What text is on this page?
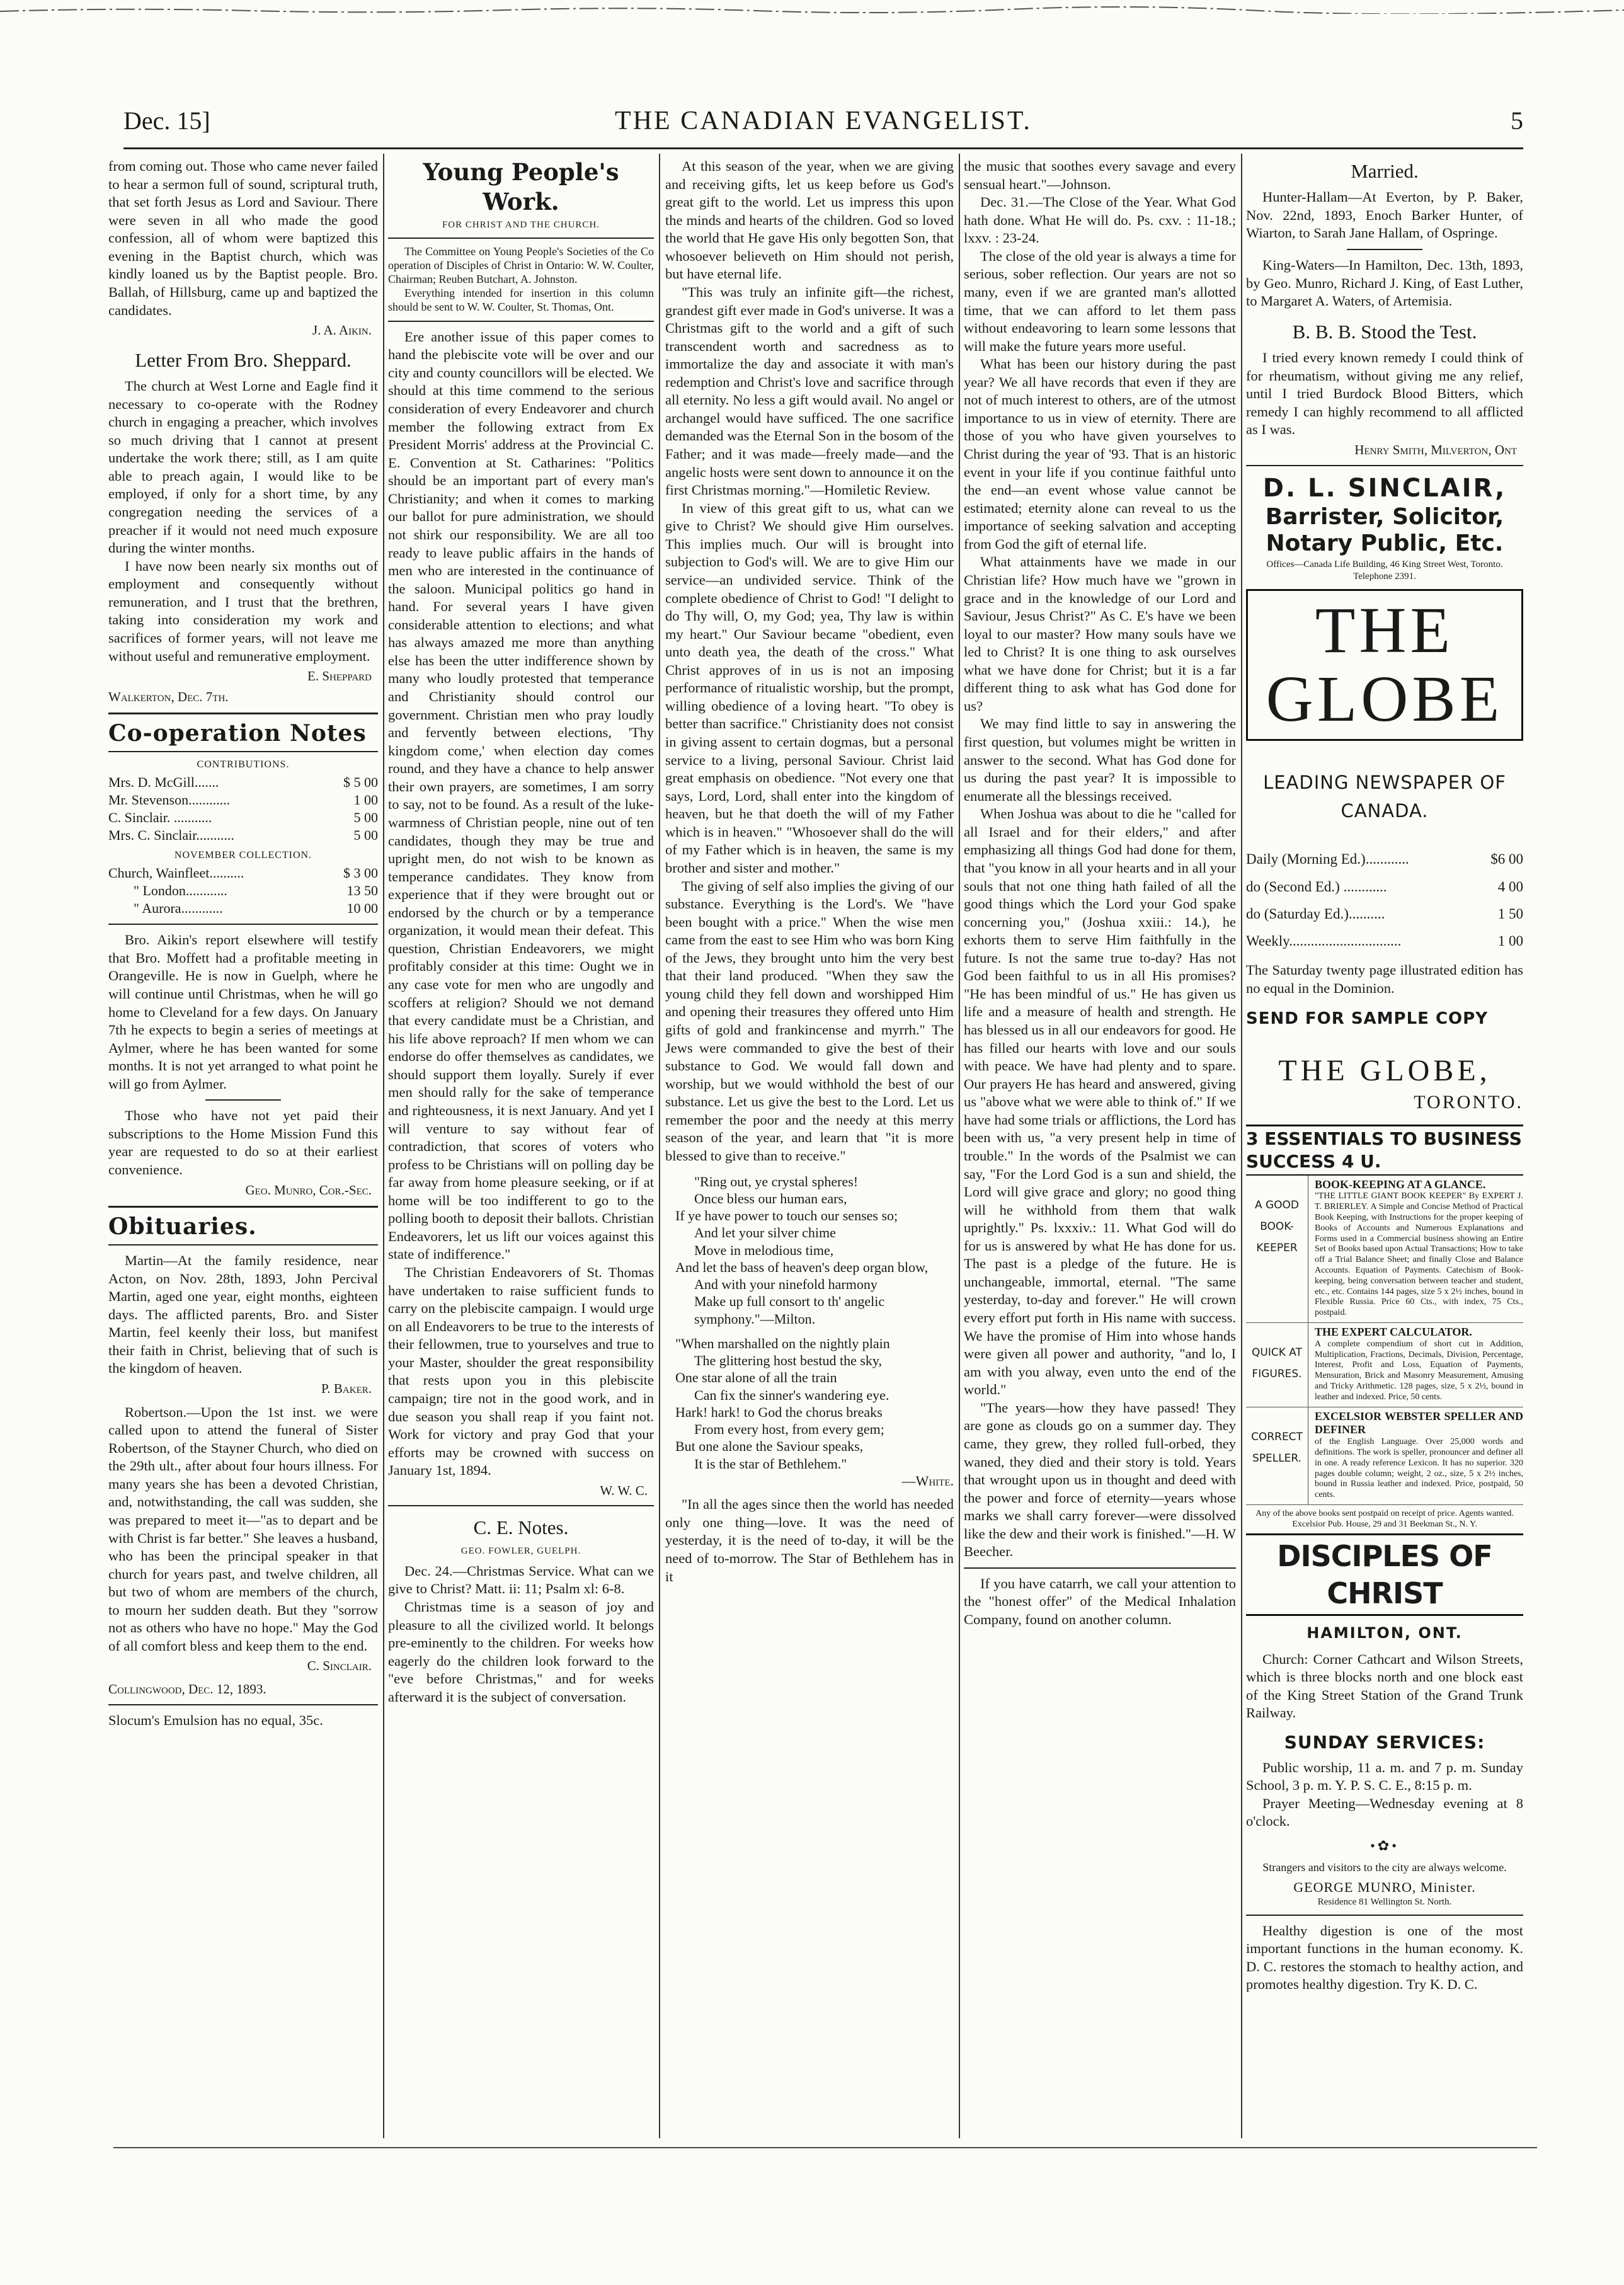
Dec. 15]	THE CANADIAN EVANGELIST.	5

from coming out. Those who came never failed to hear a sermon full of sound, scriptural truth, that set forth Jesus as Lord and Saviour. There were seven in all who made the good confession, all of whom were baptized this evening in the Baptist church, which was kindly loaned us by the Baptist people. Bro. Ballah, of Hillsburg, came up and baptized the candidates.

J. A. Aikin.
Letter From Bro. Sheppard.

The church at West Lorne and Eagle find it necessary to co-operate with the Rodney church in engaging a preacher, which involves so much driving that I cannot at present undertake the work there; still, as I am quite able to preach again, I would like to be employed, if only for a short time, by any congregation needing the services of a preacher if it would not need much exposure during the winter months.

I have now been nearly six months out of employment and consequently without remuneration, and I trust that the brethren, taking into consideration my work and sacrifices of former years, will not leave me without useful and remunerative employment.

E. Sheppard
Walkerton, Dec. 7th.
Co-operation Notes
CONTRIBUTIONS.
Mrs. D. McGill.......	$ 5 00
Mr. Stevenson............	1 00
C. Sinclair. ...........	5 00
Mrs. C. Sinclair...........	5 00
NOVEMBER COLLECTION.
Church, Wainfleet..........	$ 3 00
" London............	13 50
" Aurora............	10 00

Bro. Aikin's report elsewhere will testify that Bro. Moffett had a profitable meeting in Orangeville. He is now in Guelph, where he will continue until Christmas, when he will go home to Cleveland for a few days. On January 7th he expects to begin a series of meetings at Aylmer, where he has been wanted for some months. It is not yet arranged to what point he will go from Aylmer.

Those who have not yet paid their subscriptions to the Home Mission Fund this year are requested to do so at their earliest convenience.

Geo. Munro, Cor.-Sec.
Obituaries.

Martin—At the family residence, near Acton, on Nov. 28th, 1893, John Percival Martin, aged one year, eight months, eighteen days. The afflicted parents, Bro. and Sister Martin, feel keenly their loss, but manifest their faith in Christ, believing that of such is the kingdom of heaven.

P. Baker.

Robertson.—Upon the 1st inst. we were called upon to attend the funeral of Sister Robertson, of the Stayner Church, who died on the 29th ult., after about four hours illness. For many years she has been a devoted Christian, and, notwithstanding, the call was sudden, she was prepared to meet it—"as to depart and be with Christ is far better." She leaves a husband, who has been the principal speaker in that church for years past, and twelve children, all but two of whom are members of the church, to mourn her sudden death. But they "sorrow not as others who have no hope." May the God of all comfort bless and keep them to the end.

C. Sinclair.
Collingwood, Dec. 12, 1893.

Slocum's Emulsion has no equal, 35c.

Young People's Work.
FOR CHRIST AND THE CHURCH.

The Committee on Young People's Societies of the Co operation of Disciples of Christ in Ontario: W. W. Coulter, Chairman; Reuben Butchart, A. Johnston.

Everything intended for insertion in this column should be sent to W. W. Coulter, St. Thomas, Ont.

Ere another issue of this paper comes to hand the plebiscite vote will be over and our city and county councillors will be elected. We should at this time commend to the serious consideration of every Endeavorer and church member the following extract from Ex President Morris' address at the Provincial C. E. Convention at St. Catharines: "Politics should be an important part of every man's Christianity; and when it comes to marking our ballot for pure administration, we should not shirk our responsibility. We are all too ready to leave public affairs in the hands of men who are interested in the continuance of the saloon. Municipal politics go hand in hand. For several years I have given considerable attention to elections; and what has always amazed me more than anything else has been the utter indifference shown by many who loudly protested that temperance and Christianity should control our government. Christian men who pray loudly and fervently between elections, 'Thy kingdom come,' when election day comes round, and they have a chance to help answer their own prayers, are sometimes, I am sorry to say, not to be found. As a result of the luke-warmness of Christian people, nine out of ten candidates, though they may be true and upright men, do not wish to be known as temperance candidates. They know from experience that if they were brought out or endorsed by the church or by a temperance organization, it would mean their defeat. This question, Christian Endeavorers, we might profitably consider at this time: Ought we in any case vote for men who are ungodly and scoffers at religion? Should we not demand that every candidate must be a Christian, and his life above reproach? If men whom we can endorse do offer themselves as candidates, we should support them loyally. Surely if ever men should rally for the sake of temperance and righteousness, it is next January. And yet I will venture to say without fear of contradiction, that scores of voters who profess to be Christians will on polling day be far away from home pleasure seeking, or if at home will be too indifferent to go to the polling booth to deposit their ballots. Christian Endeavorers, let us lift our voices against this state of indifference."

The Christian Endeavorers of St. Thomas have undertaken to raise sufficient funds to carry on the plebiscite campaign. I would urge on all Endeavorers to be true to the interests of their fellowmen, true to yourselves and true to your Master, shoulder the great responsibility that rests upon you in this plebiscite campaign; tire not in the good work, and in due season you shall reap if you faint not. Work for victory and pray God that your efforts may be crowned with success on January 1st, 1894.

W. W. C.
C. E. Notes.
GEO. FOWLER, GUELPH.

Dec. 24.—Christmas Service. What can we give to Christ? Matt. ii: 11; Psalm xl: 6-8.

Christmas time is a season of joy and pleasure to all the civilized world. It belongs pre-eminently to the children. For weeks how eagerly do the children look forward to the "eve before Christmas," and for weeks afterward it is the subject of conversation.

At this season of the year, when we are giving and receiving gifts, let us keep before us God's great gift to the world. Let us impress this upon the minds and hearts of the children. God so loved the world that He gave His only begotten Son, that whosoever believeth on Him should not perish, but have eternal life.

"This was truly an infinite gift—the richest, grandest gift ever made in God's universe. It was a Christmas gift to the world and a gift of such transcendent worth and sacredness as to immortalize the day and associate it with man's redemption and Christ's love and sacrifice through all eternity. No less a gift would avail. No angel or archangel would have sufficed. The one sacrifice demanded was the Eternal Son in the bosom of the Father; and it was made—freely made—and the angelic hosts were sent down to announce it on the first Christmas morning."—Homiletic Review.

In view of this great gift to us, what can we give to Christ? We should give Him ourselves. This implies much. Our will is brought into subjection to God's will. We are to give Him our service—an undivided service. Think of the complete obedience of Christ to God! "I delight to do Thy will, O, my God; yea, Thy law is within my heart." Our Saviour became "obedient, even unto death yea, the death of the cross." What Christ approves of in us is not an imposing performance of ritualistic worship, but the prompt, willing obedience of a loving heart. "To obey is better than sacrifice." Christianity does not consist in giving assent to certain dogmas, but a personal service to a living, personal Saviour. Christ laid great emphasis on obedience. "Not every one that says, Lord, Lord, shall enter into the kingdom of heaven, but he that doeth the will of my Father which is in heaven." "Whosoever shall do the will of my Father which is in heaven, the same is my brother and sister and mother."

The giving of self also implies the giving of our substance. Everything is the Lord's. We "have been bought with a price." When the wise men came from the east to see Him who was born King of the Jews, they brought unto him the very best that their land produced. "When they saw the young child they fell down and worshipped Him and opening their treasures they offered unto Him gifts of gold and frankincense and myrrh." The Jews were commanded to give the best of their substance to God. We would fall down and worship, but we would withhold the best of our substance. Let us give the best to the Lord. Let us remember the poor and the needy at this merry season of the year, and learn that "it is more blessed to give than to receive."

"Ring out, ye crystal spheres!
Once bless our human ears,
If ye have power to touch our senses so;
And let your silver chime
Move in melodious time,
And let the bass of heaven's deep organ blow,
And with your ninefold harmony
Make up full consort to th' angelic symphony."—Milton.
"When marshalled on the nightly plain
The glittering host bestud the sky,
One star alone of all the train
Can fix the sinner's wandering eye.
Hark! hark! to God the chorus breaks
From every host, from every gem;
But one alone the Saviour speaks,
It is the star of Bethlehem."
—White.

"In all the ages since then the world has needed only one thing—love. It was the need of yesterday, it is the need of to-day, it will be the need of to-morrow. The Star of Bethlehem has in it

the music that soothes every savage and every sensual heart."—Johnson.

Dec. 31.—The Close of the Year. What God hath done. What He will do. Ps. cxv. : 11-18.; lxxv. : 23-24.

The close of the old year is always a time for serious, sober reflection. Our years are not so many, even if we are granted man's allotted time, that we can afford to let them pass without endeavoring to learn some lessons that will make the future years more useful.

What has been our history during the past year? We all have records that even if they are not of much interest to others, are of the utmost importance to us in view of eternity. There are those of you who have given yourselves to Christ during the year of '93. That is an historic event in your life if you continue faithful unto the end—an event whose value cannot be estimated; eternity alone can reveal to us the importance of seeking salvation and accepting from God the gift of eternal life.

What attainments have we made in our Christian life? How much have we "grown in grace and in the knowledge of our Lord and Saviour, Jesus Christ?" As C. E's have we been loyal to our master? How many souls have we led to Christ? It is one thing to ask ourselves what we have done for Christ; but it is a far different thing to ask what has God done for us?

We may find little to say in answering the first question, but volumes might be written in answer to the second. What has God done for us during the past year? It is impossible to enumerate all the blessings received.

When Joshua was about to die he "called for all Israel and for their elders," and after emphasizing all things God had done for them, that "you know in all your hearts and in all your souls that not one thing hath failed of all the good things which the Lord your God spake concerning you," (Joshua xxiii.: 14.), he exhorts them to serve Him faithfully in the future. Is not the same true to-day? Has not God been faithful to us in all His promises? "He has been mindful of us." He has given us life and a measure of health and strength. He has blessed us in all our endeavors for good. He has filled our hearts with love and our souls with peace. We have had plenty and to spare. Our prayers He has heard and answered, giving us "above what we were able to think of." If we have had some trials or afflictions, the Lord has been with us, "a very present help in time of trouble." In the words of the Psalmist we can say, "For the Lord God is a sun and shield, the Lord will give grace and glory; no good thing will he withhold from them that walk uprightly." Ps. lxxxiv.: 11. What God will do for us is answered by what He has done for us. The past is a pledge of the future. He is unchangeable, immortal, eternal. "The same yesterday, to-day and forever." He will crown every effort put forth in His name with success. We have the promise of Him into whose hands were given all power and authority, "and lo, I am with you alway, even unto the end of the world."

"The years—how they have passed! They are gone as clouds go on a summer day. They came, they grew, they rolled full-orbed, they waned, they died and their story is told. Years that wrought upon us in thought and deed with the power and force of eternity—years whose marks we shall carry forever—were dissolved like the dew and their work is finished."—H. W Beecher.

If you have catarrh, we call your attention to the "honest offer" of the Medical Inhalation Company, found on another column.

Married.

Hunter-Hallam—At Everton, by P. Baker, Nov. 22nd, 1893, Enoch Barker Hunter, of Wiarton, to Sarah Jane Hallam, of Ospringe.

King-Waters—In Hamilton, Dec. 13th, 1893, by Geo. Munro, Richard J. King, of East Luther, to Margaret A. Waters, of Artemisia.

B. B. B. Stood the Test.

I tried every known remedy I could think of for rheumatism, without giving me any relief, until I tried Burdock Blood Bitters, which remedy I can highly recommend to all afflicted as I was.

Henry Smith, Milverton, Ont
D. L. SINCLAIR,
Barrister, Solicitor, Notary Public, Etc.
Offices—Canada Life Building, 46 King Street West, Toronto. Telephone 2391.
THE GLOBE
LEADING NEWSPAPER OF CANADA.
Daily (Morning Ed.)............	$6 00
do (Second Ed.) ............	4 00
do (Saturday Ed.)..........	1 50
Weekly...............................	1 00

The Saturday twenty page illustrated edition has no equal in the Dominion.

SEND FOR SAMPLE COPY
THE GLOBE,
TORONTO.
3 ESSENTIALS TO BUSINESS SUCCESS 4 U.
A GOOD BOOK-KEEPER
BOOK-KEEPING AT A GLANCE.
"THE LITTLE GIANT BOOK KEEPER" By EXPERT J. T. BRIERLEY. A Simple and Concise Method of Practical Book Keeping, with Instructions for the proper keeping of Books of Accounts and Numerous Explanations and Forms used in a Commercial business showing an Entire Set of Books based upon Actual Transactions; How to take off a Trial Balance Sheet; and finally Close and Balance Accounts. Equation of Payments. Catechism of Book-keeping, being conversation between teacher and student, etc., etc. Contains 144 pages, size 5 x 2½ inches, bound in Flexible Russia. Price 60 Cts., with index, 75 Cts., postpaid.
QUICK AT FIGURES.
THE EXPERT CALCULATOR.
A complete compendium of short cut in Addition, Multiplication, Fractions, Decimals, Division, Percentage, Interest, Profit and Loss, Equation of Payments, Mensuration, Brick and Masonry Measurement, Amusing and Tricky Arithmetic. 128 pages, size, 5 x 2½, bound in leather and indexed. Price, 50 cents.
CORRECT SPELLER.
EXCELSIOR WEBSTER SPELLER AND DEFINER
of the English Language. Over 25,000 words and definitions. The work is speller, pronouncer and definer all in one. A ready reference Lexicon. It has no superior. 320 pages double column; weight, 2 oz., size, 5 x 2½ inches, bound in Russia leather and indexed. Price, postpaid, 50 cents.
Any of the above books sent postpaid on receipt of price. Agents wanted. Excelsior Pub. House, 29 and 31 Beekman St., N. Y.
DISCIPLES OF CHRIST
HAMILTON, ONT.

Church: Corner Cathcart and Wilson Streets, which is three blocks north and one block east of the King Street Station of the Grand Trunk Railway.

SUNDAY SERVICES:

Public worship, 11 a. m. and 7 p. m. Sunday School, 3 p. m. Y. P. S. C. E., 8:15 p. m.

Prayer Meeting—Wednesday evening at 8 o'clock.

•✿•

Strangers and visitors to the city are always welcome.

GEORGE MUNRO, Minister.
Residence 81 Wellington St. North.

Healthy digestion is one of the most important functions in the human economy. K. D. C. restores the stomach to healthy action, and promotes healthy digestion. Try K. D. C.
